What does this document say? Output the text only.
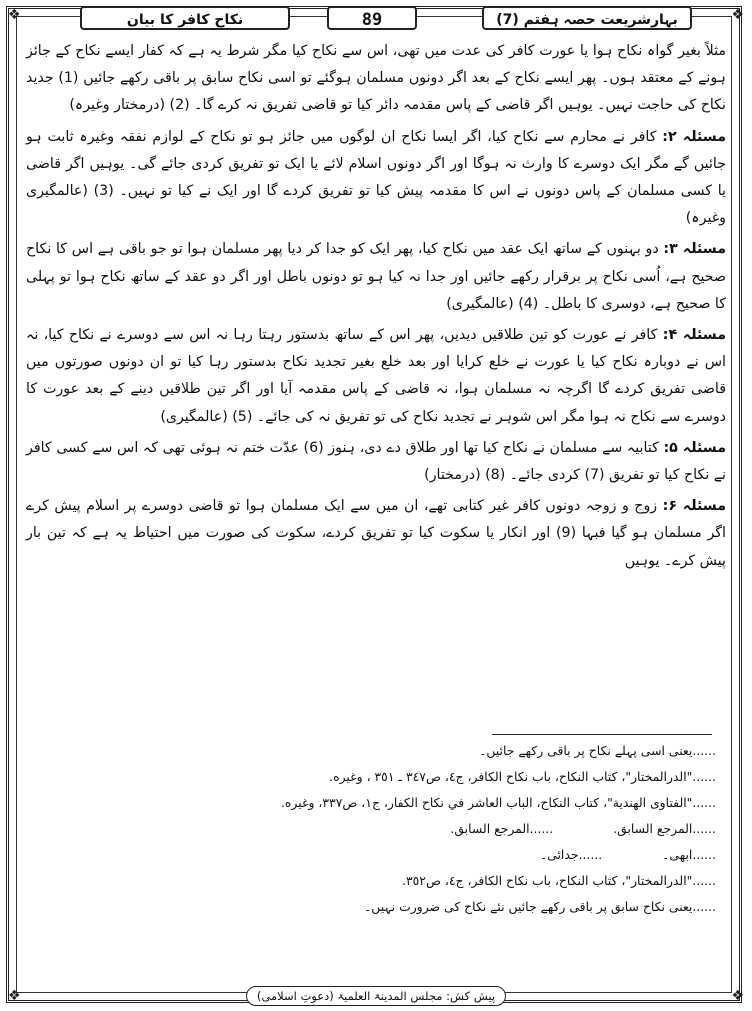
❖	❖
❖	❖
بہارِشریعت حصہ ہفتم (7)
89
نکاح کافر کا بیان

مثلاً بغیر گواہ نکاح ہوا یا عورت کافر کی عدت میں تھی، اس سے نکاح کیا مگر شرط یہ ہے کہ کفار ایسے نکاح کے جائز ہونے کے معتقد ہوں۔ پھر ایسے نکاح کے بعد اگر دونوں مسلمان ہوگئے تو اسی نکاح سابق پر باقی رکھے جائیں (1) جدید نکاح کی حاجت نہیں۔ یوہیں اگر قاضی کے پاس مقدمہ دائر کیا تو قاضی تفریق نہ کرے گا۔ (2) (درمختار وغیرہ)

مسئلہ ۲: کافر نے محارم سے نکاح کیا، اگر ایسا نکاح ان لوگوں میں جائز ہو تو نکاح کے لوازم نفقہ وغیرہ ثابت ہو جائیں گے مگر ایک دوسرے کا وارث نہ ہوگا اور اگر دونوں اسلام لائے یا ایک تو تفریق کردی جائے گی۔ یوہیں اگر قاضی یا کسی مسلمان کے پاس دونوں نے اس کا مقدمہ پیش کیا تو تفریق کردے گا اور ایک نے کیا تو نہیں۔ (3) (عالمگیری وغیرہ)

مسئلہ ۳: دو بہنوں کے ساتھ ایک عقد میں نکاح کیا، پھر ایک کو جدا کر دیا پھر مسلمان ہوا تو جو باقی ہے اس کا نکاح صحیح ہے، اُسی نکاح پر برقرار رکھے جائیں اور جدا نہ کیا ہو تو دونوں باطل اور اگر دو عقد کے ساتھ نکاح ہوا تو پہلی کا صحیح ہے، دوسری کا باطل۔ (4) (عالمگیری)

مسئلہ ۴: کافر نے عورت کو تین طلاقیں دیدیں، پھر اس کے ساتھ بدستور رہتا رہا نہ اس سے دوسرے نے نکاح کیا، نہ اس نے دوبارہ نکاح کیا یا عورت نے خلع کرایا اور بعد خلع بغیر تجدید نکاح بدستور رہا کیا تو ان دونوں صورتوں میں قاضی تفریق کردے گا اگرچہ نہ مسلمان ہوا، نہ قاضی کے پاس مقدمہ آیا اور اگر تین طلاقیں دینے کے بعد عورت کا دوسرے سے نکاح نہ ہوا مگر اس شوہر نے تجدید نکاح کی تو تفریق نہ کی جائے۔ (5) (عالمگیری)

مسئلہ ۵: کتابیہ سے مسلمان نے نکاح کیا تھا اور طلاق دے دی، ہنوز (6) عدّت ختم نہ ہوئی تھی کہ اس سے کسی کافر نے نکاح کیا تو تفریق (7) کردی جائے۔ (8) (درمختار)

مسئلہ ۶: زوج و زوجہ دونوں کافر غیر کتابی تھے، ان میں سے ایک مسلمان ہوا تو قاضی دوسرے پر اسلام پیش کرے اگر مسلمان ہو گیا فبہا (9) اور انکار یا سکوت کیا تو تفریق کردے، سکوت کی صورت میں احتیاط یہ ہے کہ تین بار پیش کرے۔ یوہیں

......یعنی اسی پہلے نکاح پر باقی رکھے جائیں۔

......"الدرالمختار"، كتاب النكاح، باب نكاح الكافر، ج٤، ص٣٤٧ ـ ٣٥١ ، وغيره.

......"الفتاوى الهندية"، كتاب النكاح، الباب العاشر في نكاح الكفار، ج١، ص٣٣٧، وغيره.

......المرجع السابق.
......المرجع السابق.
......ابھی۔
......جدائی۔

......"الدرالمختار"، كتاب النكاح، باب نكاح الكافر، ج٤، ص٣٥٢.

......یعنی نکاح سابق پر باقی رکھے جائیں نئے نکاح کی ضرورت نہیں۔

پیش کش: مجلس المدینۃ العلمیۃ (دعوتِ اسلامی)
